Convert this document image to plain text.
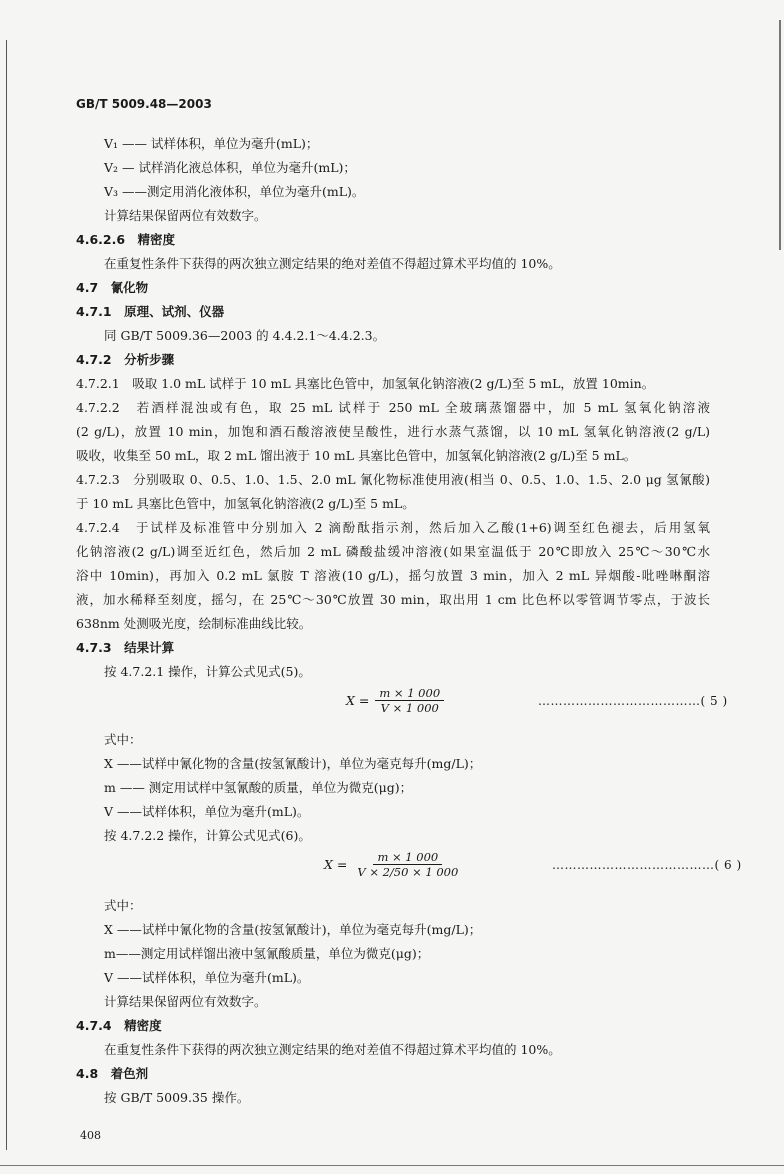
GB/T 5009.48—2003
V₁ —— 试样体积，单位为毫升(mL)；
V₂ — 试样消化液总体积，单位为毫升(mL)；
V₃ ——测定用消化液体积，单位为毫升(mL)。
计算结果保留两位有效数字。
4.6.2.6　精密度
在重复性条件下获得的两次独立测定结果的绝对差值不得超过算术平均值的 10%。
4.7　氰化物
4.7.1　原理、试剂、仪器
同 GB/T 5009.36—2003 的 4.4.2.1～4.4.2.3。
4.7.2　分析步骤
4.7.2.1　吸取 1.0 mL 试样于 10 mL 具塞比色管中，加氢氧化钠溶液(2 g/L)至 5 mL，放置 10min。
4.7.2.2　若酒样混浊或有色，取 25 mL 试样于 250 mL 全玻璃蒸馏器中，加 5 mL 氢氧化钠溶液
(2 g/L)，放置 10 min，加饱和酒石酸溶液使呈酸性，进行水蒸气蒸馏，以 10 mL 氢氧化钠溶液(2 g/L)
吸收，收集至 50 mL，取 2 mL 馏出液于 10 mL 具塞比色管中，加氢氧化钠溶液(2 g/L)至 5 mL。
4.7.2.3　分别吸取 0、0.5、1.0、1.5、2.0 mL 氰化物标准使用液(相当 0、0.5、1.0、1.5、2.0 μg 氢氰酸)
于 10 mL 具塞比色管中，加氢氧化钠溶液(2 g/L)至 5 mL。
4.7.2.4　于试样及标准管中分别加入 2 滴酚酞指示剂，然后加入乙酸(1+6)调至红色褪去，后用氢氧
化钠溶液(2 g/L)调至近红色，然后加 2 mL 磷酸盐缓冲溶液(如果室温低于 20℃即放入 25℃～30℃水
浴中 10min)，再加入 0.2 mL 氯胺 T 溶液(10 g/L)，摇匀放置 3 min，加入 2 mL 异烟酸-吡唑啉酮溶
液，加水稀释至刻度，摇匀，在 25℃～30℃放置 30 min，取出用 1 cm 比色杯以零管调节零点，于波长
638nm 处测吸光度，绘制标准曲线比较。
4.7.3　结果计算
按 4.7.2.1 操作，计算公式见式(5)。
$X = \frac{m \times 1 000}{V \times 1 000}$	…………………………………( 5 )
式中：
X ——试样中氰化物的含量(按氢氰酸计)，单位为毫克每升(mg/L)；
m —— 测定用试样中氢氰酸的质量，单位为微克(μg)；
V ——试样体积，单位为毫升(mL)。
按 4.7.2.2 操作，计算公式见式(6)。
$X = \frac{m \times 1 000}{V \times 2/50 \times 1 000}$	…………………………………( 6 )
式中：
X ——试样中氰化物的含量(按氢氰酸计)，单位为毫克每升(mg/L)；
m——测定用试样馏出液中氢氰酸质量，单位为微克(μg)；
V ——试样体积，单位为毫升(mL)。
计算结果保留两位有效数字。
4.7.4　精密度
在重复性条件下获得的两次独立测定结果的绝对差值不得超过算术平均值的 10%。
4.8　着色剂
按 GB/T 5009.35 操作。
408
